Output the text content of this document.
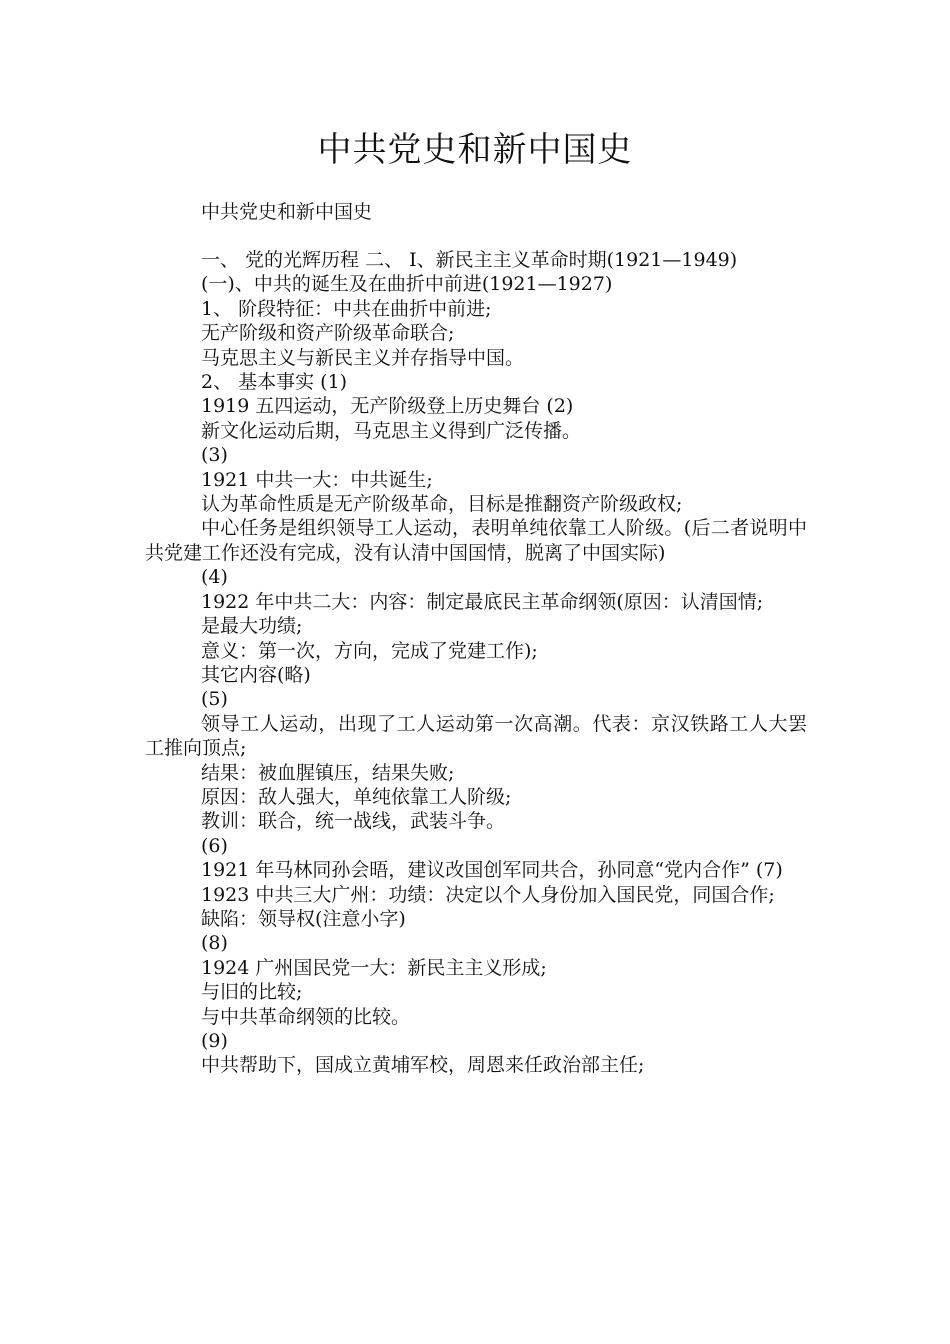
中共党史和新中国史

中共党史和新中国史

一、 党的光辉历程 二、 I、新民主主义革命时期(1921—1949)

(一)、中共的诞生及在曲折中前进(1921—1927)

1、 阶段特征：中共在曲折中前进;

无产阶级和资产阶级革命联合;

马克思主义与新民主义并存指导中国。

2、 基本事实 (1)

1919 五四运动，无产阶级登上历史舞台 (2)

新文化运动后期，马克思主义得到广泛传播。

(3)

1921 中共一大：中共诞生;

认为革命性质是无产阶级革命，目标是推翻资产阶级政权;

中心任务是组织领导工人运动，表明单纯依靠工人阶级。(后二者说明中共党建工作还没有完成，没有认清中国国情，脱离了中国实际)

(4)

1922 年中共二大：内容：制定最底民主革命纲领(原因：认清国情;

是最大功绩;

意义：第一次，方向，完成了党建工作);

其它内容(略)

(5)

领导工人运动，出现了工人运动第一次高潮。代表：京汉铁路工人大罢工推向顶点;

结果：被血腥镇压，结果失败;

原因：敌人强大，单纯依靠工人阶级;

教训：联合，统一战线，武装斗争。

(6)

1921 年马林同孙会晤，建议改国创军同共合，孙同意“党内合作” (7)

1923 中共三大广州：功绩：决定以个人身份加入国民党，同国合作;

缺陷：领导权(注意小字)

(8)

1924 广州国民党一大：新民主主义形成;

与旧的比较;

与中共革命纲领的比较。

(9)

中共帮助下，国成立黄埔军校，周恩来任政治部主任;
